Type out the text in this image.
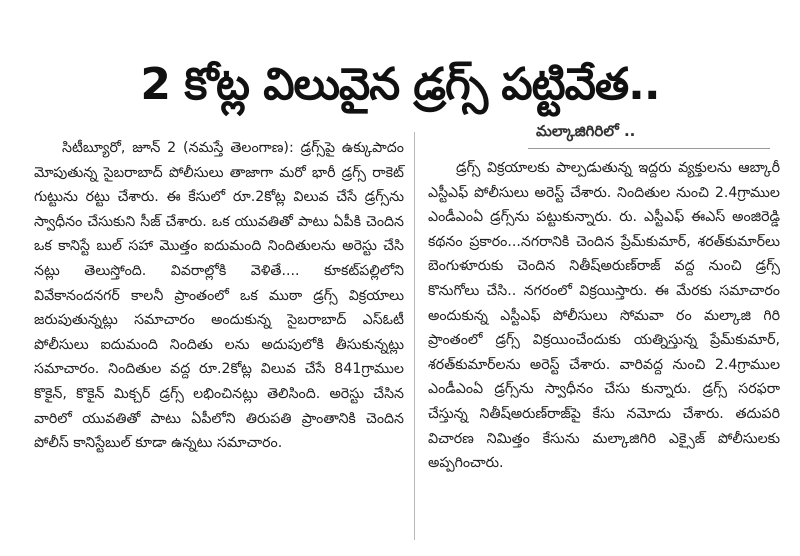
2 కోట్ల విలువైన డ్రగ్స్ పట్టివేత..

సిటీబ్యూరో, జూన్ 2 (నమస్తే తెలంగాణ): డ్రగ్స్‌పై ఉక్కుపాదం మోపుతున్న సైబరాబాద్ పోలీసులు తాజాగా మరో భారీ డ్రగ్స్ రాకెట్ గుట్టును రట్టు చేశారు. ఈ కేసులో రూ.2కోట్ల విలువ చేసే డ్రగ్స్‌ను స్వాధీనం చేసుకుని సీజ్ చేశారు. ఒక యువతితో పాటు ఏపీకి చెందిన ఒక కానిస్టే బుల్ సహా మొత్తం ఐదుమంది నిందితులను అరెస్టు చేసి నట్లు తెలుస్తోంది. వివరాల్లోకి వెళితే.... కూకట్‌పల్లిలోని వివేకానందనగర్ కాలనీ ప్రాంతంలో ఒక ముఠా డ్రగ్స్ విక్రయాలు జరుపుతున్నట్లు సమాచారం అందుకున్న సైబరాబాద్ ఎస్ఓటీ పోలీసులు ఐదుమంది నిందితు లను అదుపులోకి తీసుకున్నట్లు సమాచారం. నిందితుల వద్ద రూ.2కోట్ల విలువ చేసే 841గ్రాముల కొకైన్, కొకైన్ మిక్చర్ డ్రగ్స్ లభించినట్లు తెలిసింది. అరెస్టు చేసిన వారిలో యువతితో పాటు ఏపీలోని తిరుపతి ప్రాంతానికి చెందిన పోలీస్ కానిస్టేబుల్ కూడా ఉన్నటు సమాచారం.

మల్కాజిగిరిలో ..

డ్రగ్స్ విక్రయాలకు పాల్పడుతున్న ఇద్దరు వ్యక్తులను ఆబ్కారీ ఎస్టీఎఫ్ పోలీసులు అరెస్ట్ చేశారు. నిందితుల నుంచి 2.4గ్రాముల ఎండీఎంఏ డ్రగ్స్‌ను పట్టుకున్నారు. రు. ఎస్టీఎఫ్ ఈఎస్ అంజిరెడ్డి కథనం ప్రకారం...నగరానికి చెందిన ప్రేమ్‌కుమార్, శరత్‌కుమార్‌లు బెంగుళూరుకు చెందిన నితీష్‌అరుణ్‌రాజ్ వద్ద నుంచి డ్రగ్స్ కొనుగోలు చేసి.. నగరంలో విక్రయిస్తారు. ఈ మేరకు సమాచారం అందుకున్న ఎస్టీఎఫ్ పోలీసులు సోమవా రం మల్కాజి గిరి ప్రాంతంలో డ్రగ్స్ విక్రయించేందుకు యత్నిస్తున్న ప్రేమ్‌కుమార్, శరత్‌కుమార్‌లను అరెస్ట్ చేశారు. వారివద్ద నుంచి 2.4గ్రాముల ఎండీఎంఏ డ్రగ్స్‌ను స్వాధీనం చేసు కున్నారు. డ్రగ్స్ సరఫరా చేస్తున్న నితీష్‌అరుణ్‌రాజ్‌పై కేసు నమోదు చేశారు. తదుపరి విచారణ నిమిత్తం కేసును మల్కాజిగిరి ఎక్సైజ్ పోలీసులకు అప్పగించారు.
